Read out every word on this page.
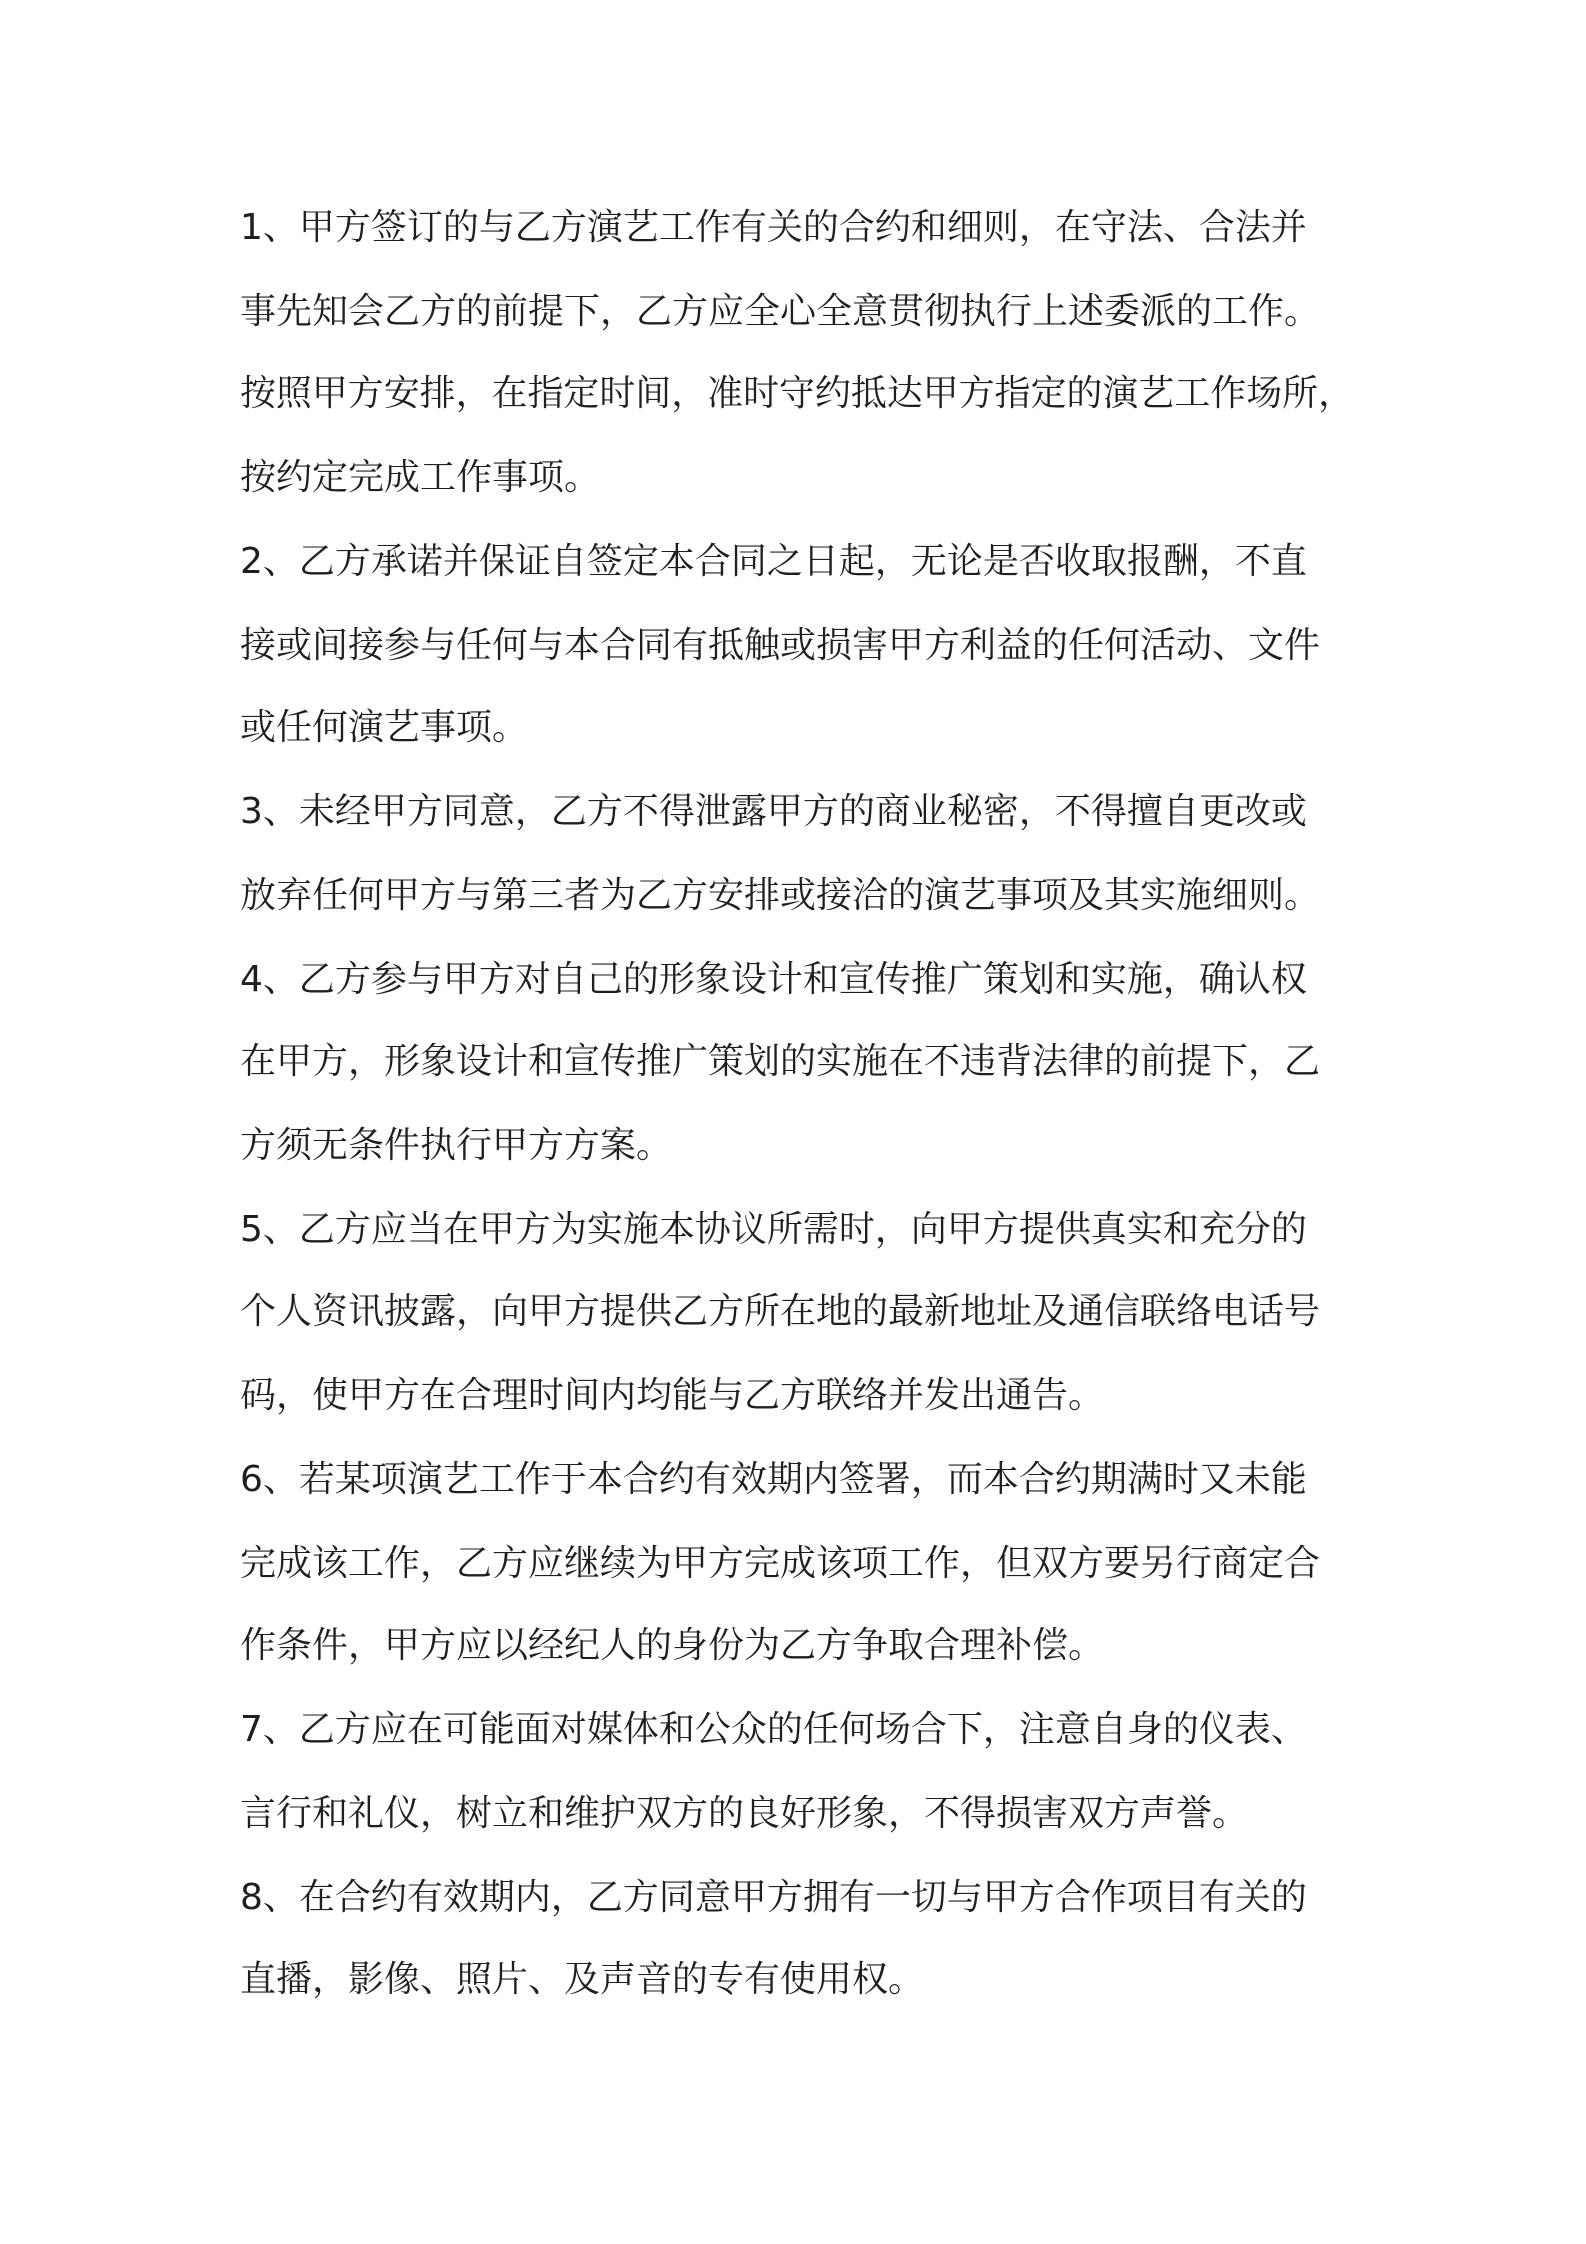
1、甲方签订的与乙方演艺工作有关的合约和细则，在守法、合法并
事先知会乙方的前提下，乙方应全心全意贯彻执行上述委派的工作。
按照甲方安排，在指定时间，准时守约抵达甲方指定的演艺工作场所，
按约定完成工作事项。
2、乙方承诺并保证自签定本合同之日起，无论是否收取报酬，不直
接或间接参与任何与本合同有抵触或损害甲方利益的任何活动、文件
或任何演艺事项。
3、未经甲方同意，乙方不得泄露甲方的商业秘密，不得擅自更改或
放弃任何甲方与第三者为乙方安排或接洽的演艺事项及其实施细则。
4、乙方参与甲方对自己的形象设计和宣传推广策划和实施，确认权
在甲方，形象设计和宣传推广策划的实施在不违背法律的前提下，乙
方须无条件执行甲方方案。
5、乙方应当在甲方为实施本协议所需时，向甲方提供真实和充分的
个人资讯披露，向甲方提供乙方所在地的最新地址及通信联络电话号
码，使甲方在合理时间内均能与乙方联络并发出通告。
6、若某项演艺工作于本合约有效期内签署，而本合约期满时又未能
完成该工作，乙方应继续为甲方完成该项工作，但双方要另行商定合
作条件，甲方应以经纪人的身份为乙方争取合理补偿。
7、乙方应在可能面对媒体和公众的任何场合下，注意自身的仪表、
言行和礼仪，树立和维护双方的良好形象，不得损害双方声誉。
8、在合约有效期内，乙方同意甲方拥有一切与甲方合作项目有关的
直播，影像、照片、及声音的专有使用权。
